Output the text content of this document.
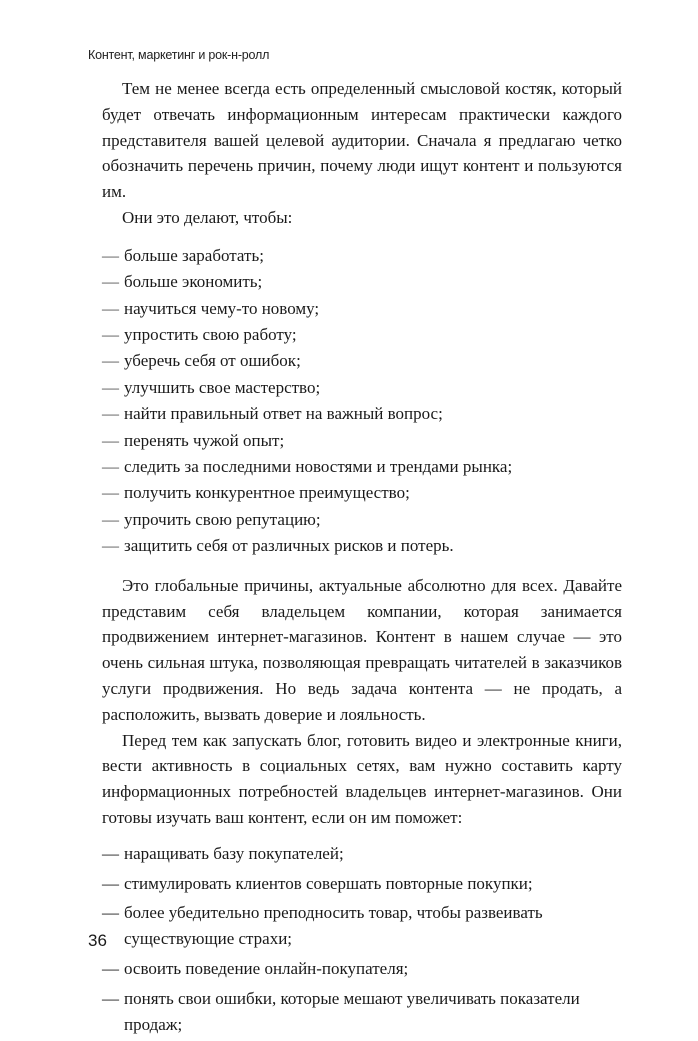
Контент, маркетинг и рок-н-ролл

Тем не менее всегда есть определенный смысловой костяк, который будет отвечать информационным интересам практически каждого представителя вашей целевой аудитории. Сначала я предлагаю четко обозначить перечень причин, почему люди ищут контент и пользуются им.

Они это делают, чтобы:

— больше заработать;
— больше экономить;
— научиться чему-то новому;
— упростить свою работу;
— уберечь себя от ошибок;
— улучшить свое мастерство;
— найти правильный ответ на важный вопрос;
— перенять чужой опыт;
— следить за последними новостями и трендами рынка;
— получить конкурентное преимущество;
— упрочить свою репутацию;
— защитить себя от различных рисков и потерь.

Это глобальные причины, актуальные абсолютно для всех. Давайте представим себя владельцем компании, которая занимается продвижением интернет-магазинов. Контент в нашем случае — это очень сильная штука, позволяющая превращать читателей в заказчиков услуги продвижения. Но ведь задача контента — не продать, а расположить, вызвать доверие и лояльность.

Перед тем как запускать блог, готовить видео и электронные книги, вести активность в социальных сетях, вам нужно составить карту информационных потребностей владельцев интернет-магазинов. Они готовы изучать ваш контент, если он им поможет:

— наращивать базу покупателей;
— стимулировать клиентов совершать повторные покупки;
— более убедительно преподносить товар, чтобы развеивать существующие страхи;
— освоить поведение онлайн-покупателя;
— понять свои ошибки, которые мешают увеличивать показатели продаж;
36
